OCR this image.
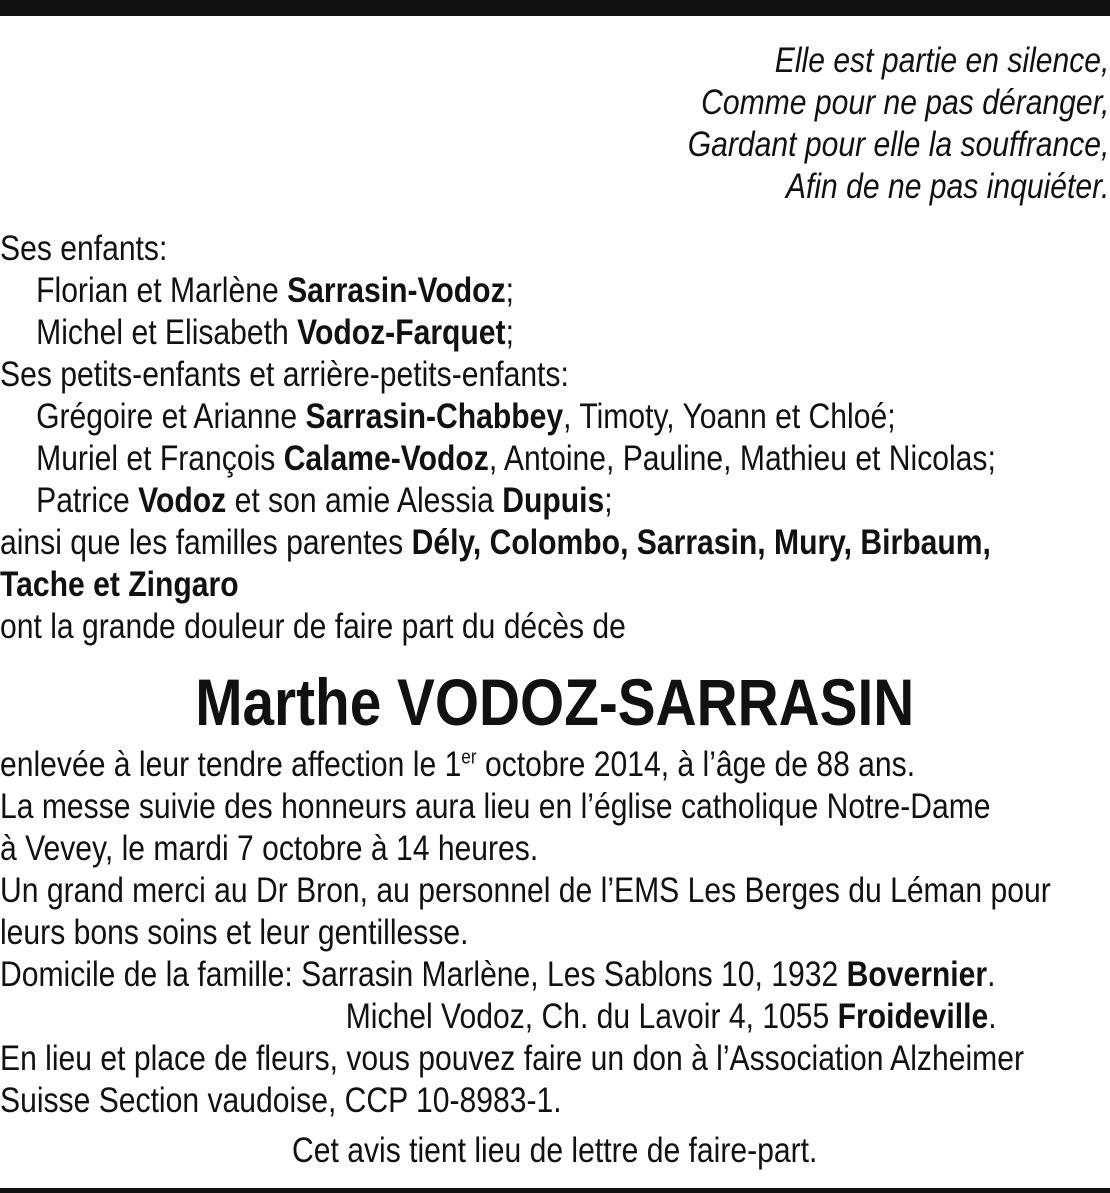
Elle est partie en silence,
Comme pour ne pas déranger,
Gardant pour elle la souffrance,
Afin de ne pas inquiéter.
Ses enfants:
Florian et Marlène Sarrasin-Vodoz;
Michel et Elisabeth Vodoz-Farquet;
Ses petits-enfants et arrière-petits-enfants:
Grégoire et Arianne Sarrasin-Chabbey, Timoty, Yoann et Chloé;
Muriel et François Calame-Vodoz, Antoine, Pauline, Mathieu et Nicolas;
Patrice Vodoz et son amie Alessia Dupuis;
ainsi que les familles parentes Dély, Colombo, Sarrasin, Mury, Birbaum,
Tache et Zingaro
ont la grande douleur de faire part du décès de
Marthe VODOZ-SARRASIN
enlevée à leur tendre affection le 1er octobre 2014, à l’âge de 88 ans.
La messe suivie des honneurs aura lieu en l’église catholique Notre-Dame
à Vevey, le mardi 7 octobre à 14 heures.
Un grand merci au Dr Bron, au personnel de l’EMS Les Berges du Léman pour
leurs bons soins et leur gentillesse.
Domicile de la famille: Sarrasin Marlène, Les Sablons 10, 1932 Bovernier.
Michel Vodoz, Ch. du Lavoir 4, 1055 Froideville.
En lieu et place de fleurs, vous pouvez faire un don à l’Association Alzheimer
Suisse Section vaudoise, CCP 10-8983-1.
Cet avis tient lieu de lettre de faire-part.
